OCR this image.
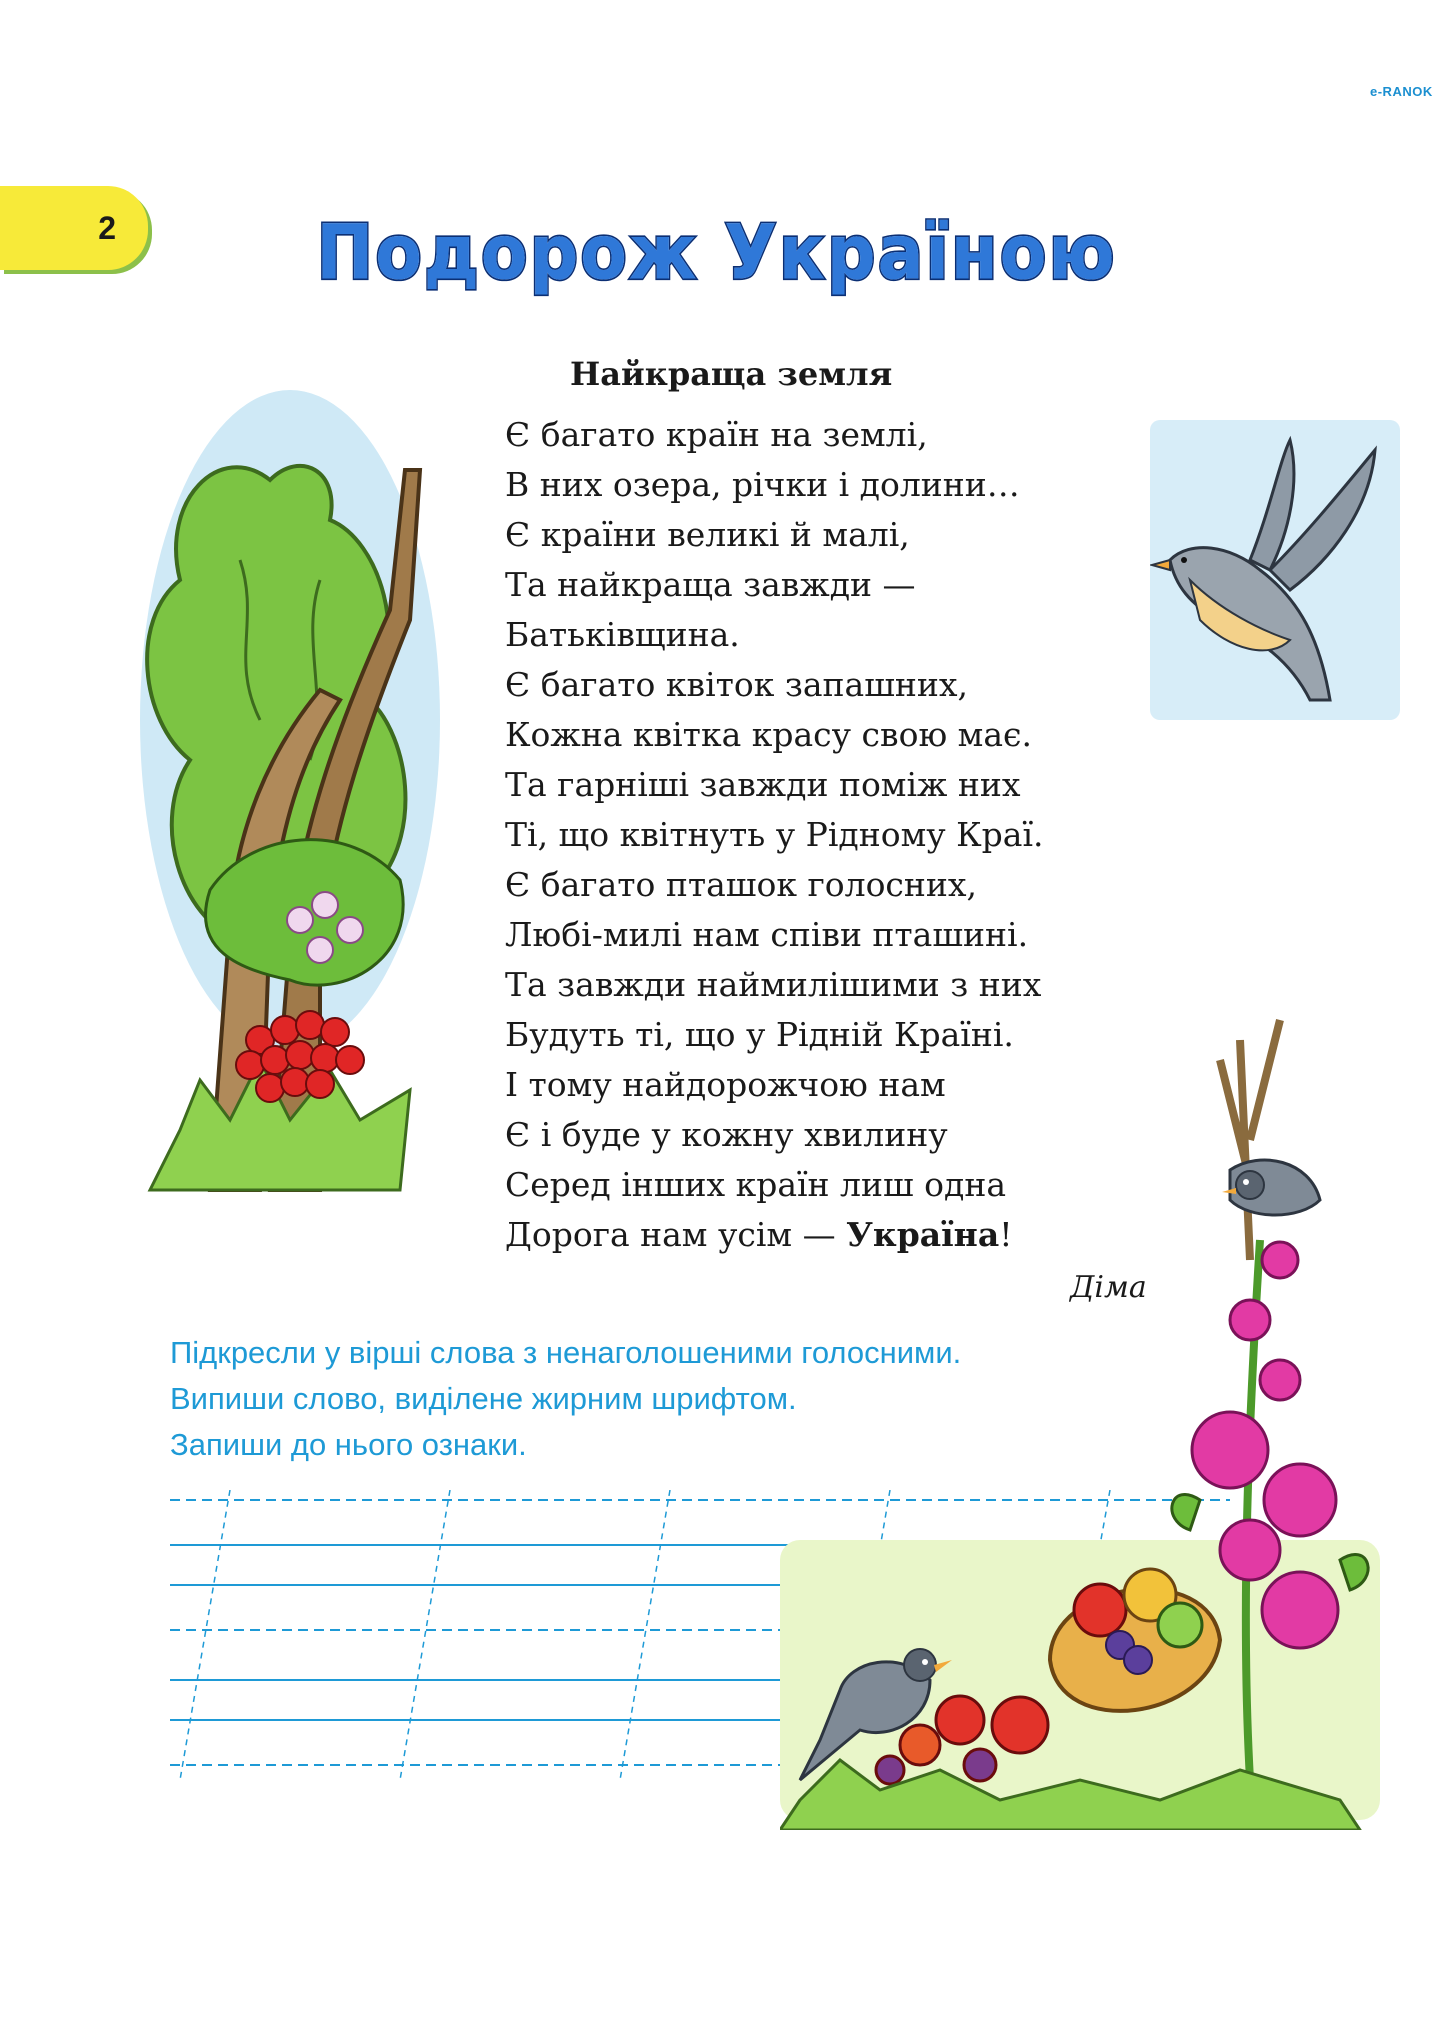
e-RANOK
2	Подорож Україною
Найкраща земля
Є багато країн на землі,
В них озера, річки і долини…
Є країни великі й малі,
Та найкраща завжди —
Батьківщина.
Є багато квіток запашних,
Кожна квітка красу свою має.
Та гарніші завжди поміж них
Ті, що квітнуть у Рідному Краї.
Є багато пташок голосних,
Любі-милі нам співи пташині.
Та завжди наймилішими з них
Будуть ті, що у Рідній Країні.
І тому найдорожчою нам
Є і буде у кожну хвилину
Серед інших країн лиш одна
Дорога нам усім — Україна!
Діма
Підкресли у вірші слова з ненаголошеними голосними.
Випиши слово, виділене жирним шрифтом.
Запиши до нього ознаки.
